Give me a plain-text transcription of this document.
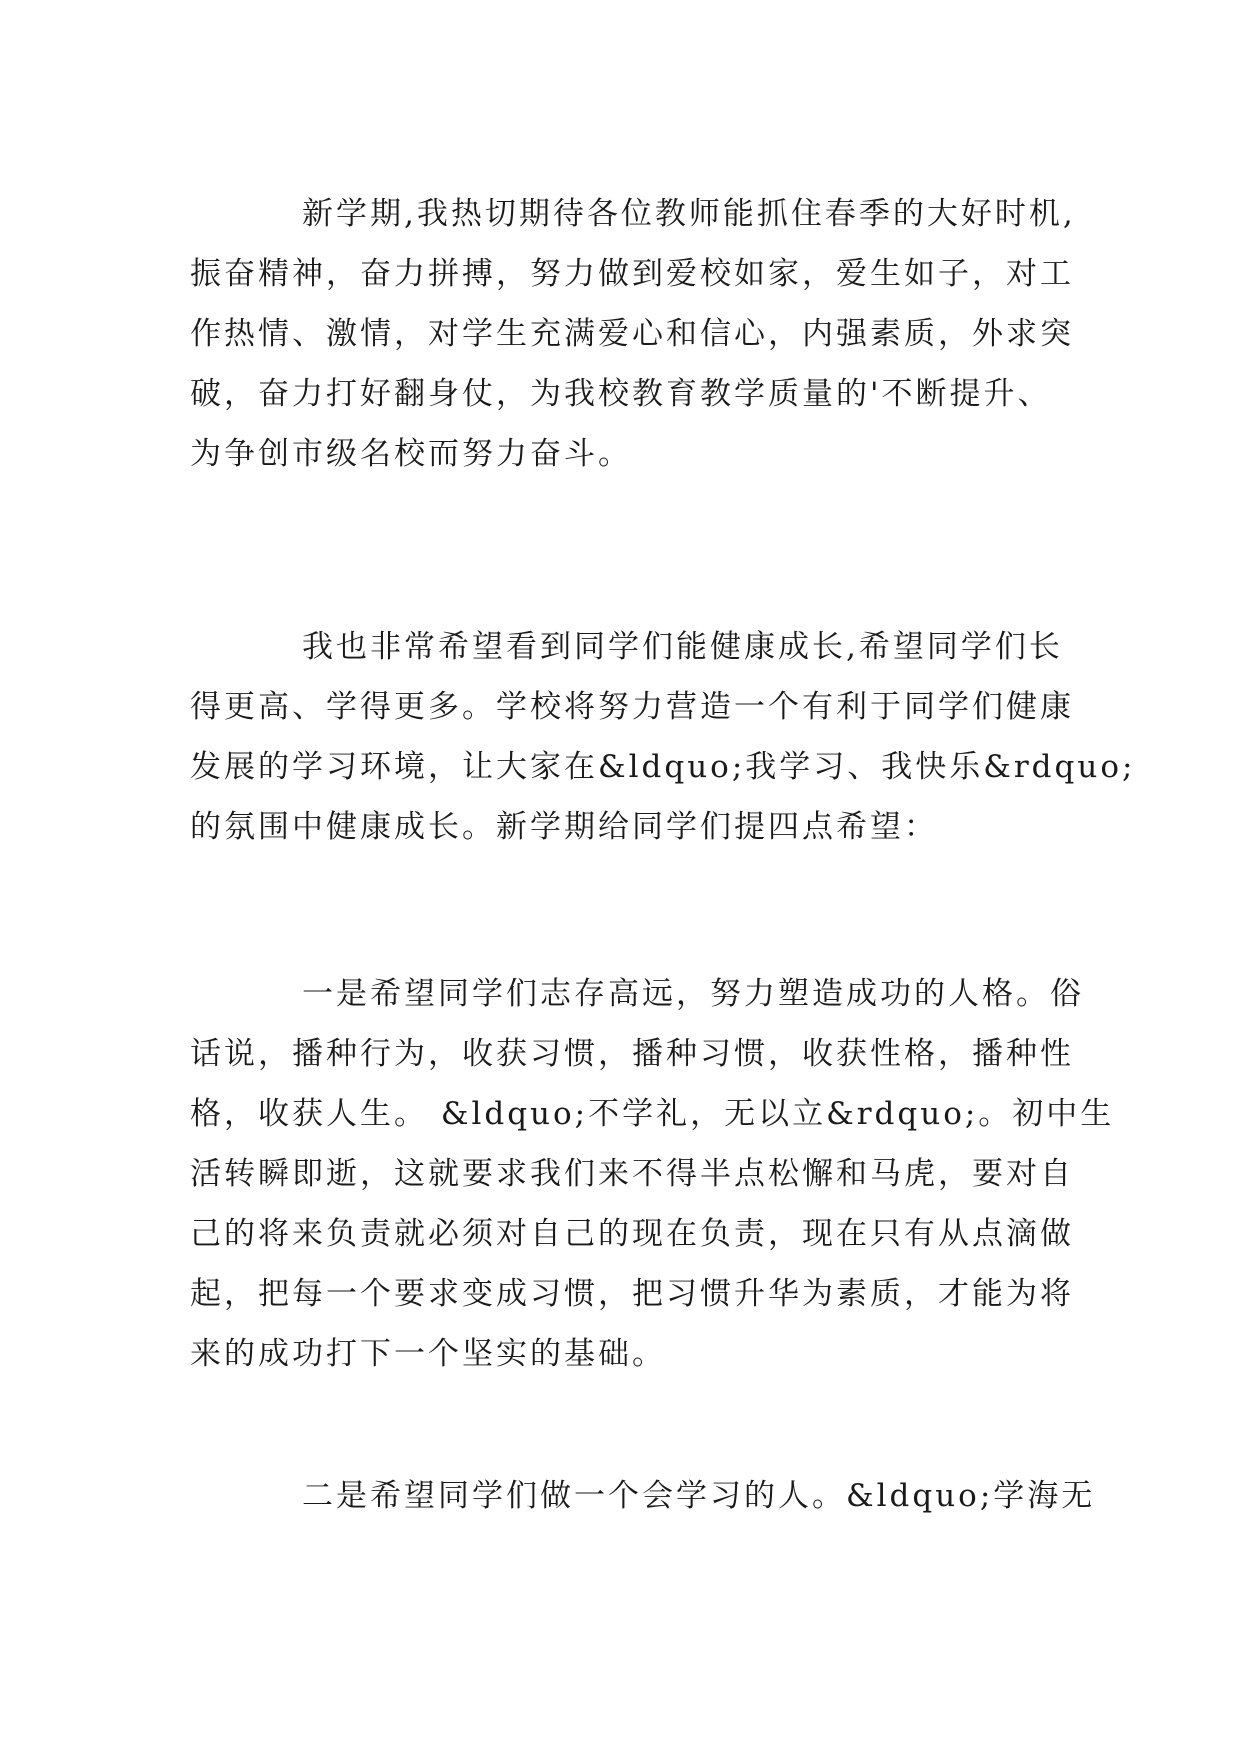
新学期,我热切期待各位教师能抓住春季的大好时机,
振奋精神，奋力拼搏，努力做到爱校如家，爱生如子，对工
作热情、激情，对学生充满爱心和信心，内强素质，外求突
破，奋力打好翻身仗，为我校教育教学质量的'不断提升、
为争创市级名校而努力奋斗。

我也非常希望看到同学们能健康成长,希望同学们长
得更高、学得更多。学校将努力营造一个有利于同学们健康
发展的学习环境，让大家在&ldquo;我学习、我快乐&rdquo;
的氛围中健康成长。新学期给同学们提四点希望：

一是希望同学们志存高远，努力塑造成功的人格。俗
话说，播种行为，收获习惯，播种习惯，收获性格，播种性
格，收获人生。 &ldquo;不学礼，无以立&rdquo;。初中生
活转瞬即逝，这就要求我们来不得半点松懈和马虎，要对自
己的将来负责就必须对自己的现在负责，现在只有从点滴做
起，把每一个要求变成习惯，把习惯升华为素质，才能为将
来的成功打下一个坚实的基础。

二是希望同学们做一个会学习的人。&ldquo;学海无
